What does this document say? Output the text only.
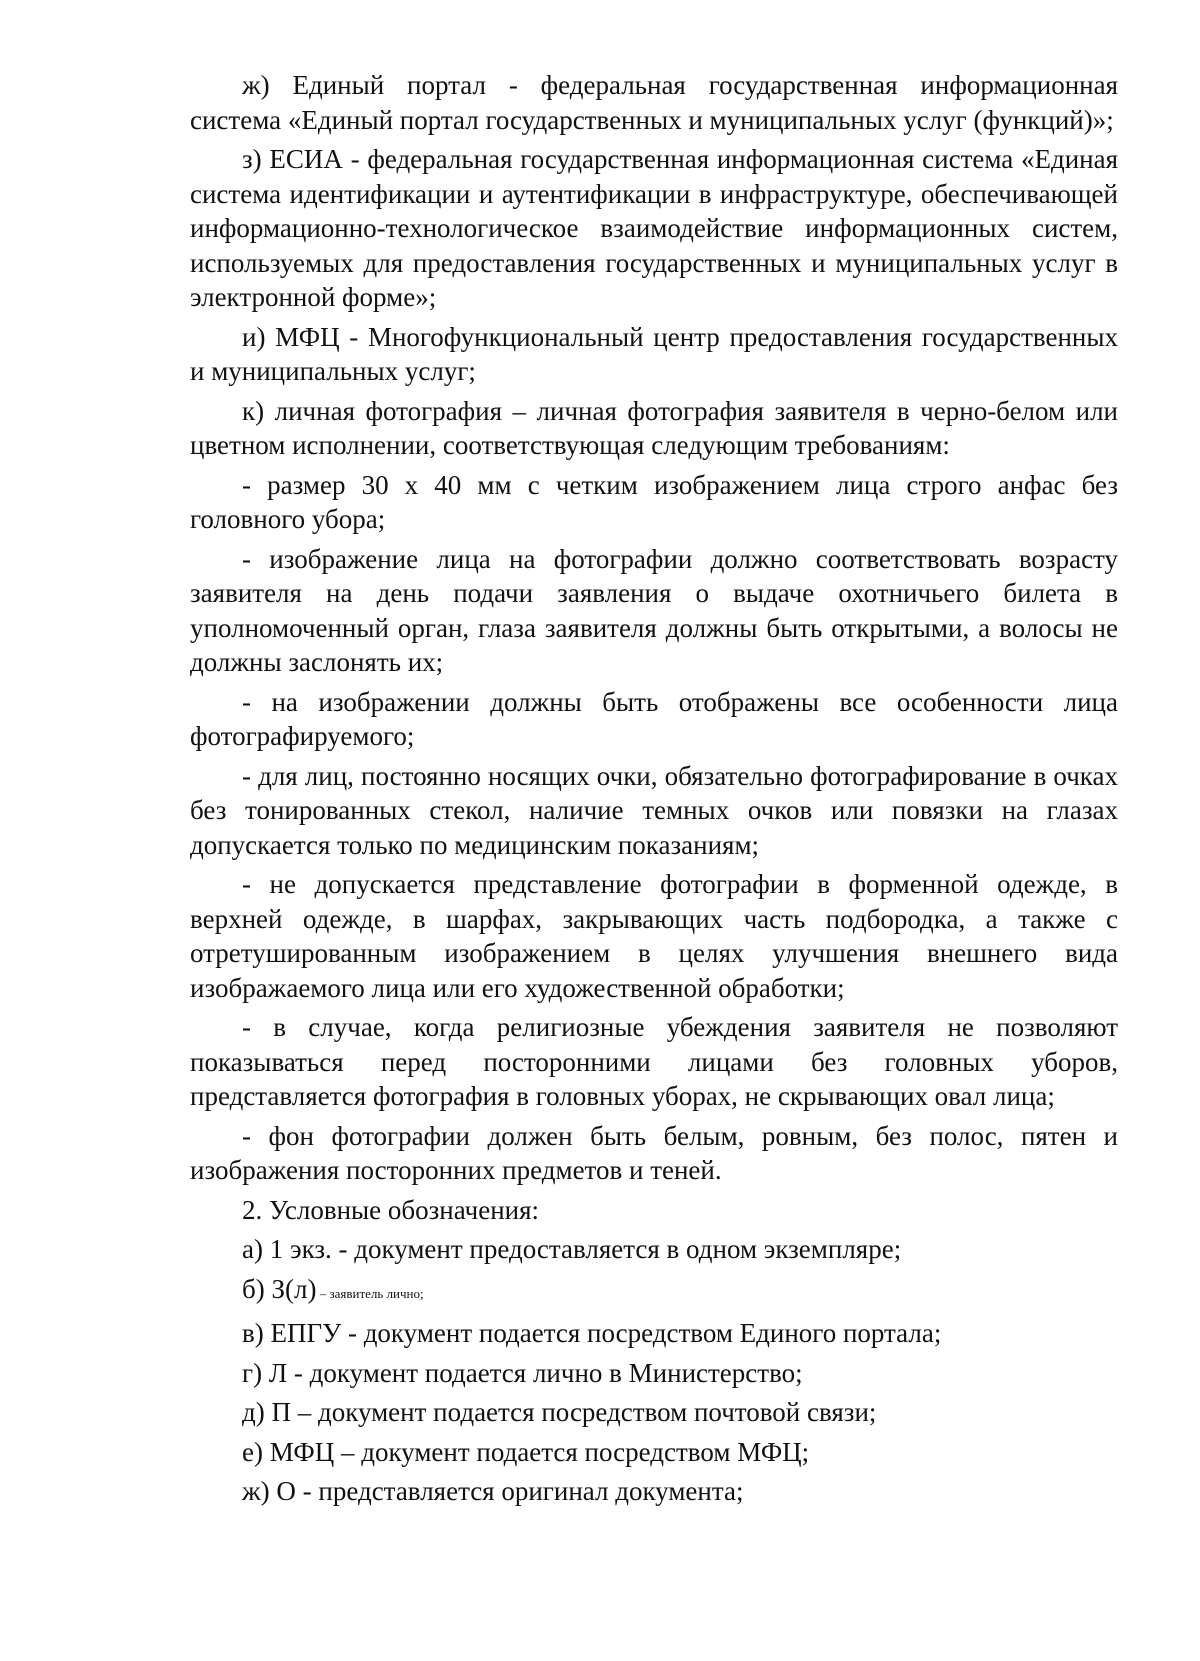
ж) Единый портал - федеральная государственная информационная система «Единый портал государственных и муниципальных услуг (функций)»;

з) ЕСИА - федеральная государственная информационная система «Единая система идентификации и аутентификации в инфраструктуре, обеспечивающей информационно-технологическое взаимодействие информационных систем, используемых для предоставления государственных и муниципальных услуг в электронной форме»;

и) МФЦ - Многофункциональный центр предоставления государственных и муниципальных услуг;

к) личная фотография – личная фотография заявителя в черно-белом или цветном исполнении, соответствующая следующим требованиям:

- размер 30 х 40 мм с четким изображением лица строго анфас без головного убора;

- изображение лица на фотографии должно соответствовать возрасту заявителя на день подачи заявления о выдаче охотничьего билета в уполномоченный орган, глаза заявителя должны быть открытыми, а волосы не должны заслонять их;

- на изображении должны быть отображены все особенности лица фотографируемого;

- для лиц, постоянно носящих очки, обязательно фотографирование в очках без тонированных стекол, наличие темных очков или повязки на глазах допускается только по медицинским показаниям;

- не допускается представление фотографии в форменной одежде, в верхней одежде, в шарфах, закрывающих часть подбородка, а также с отретушированным изображением в целях улучшения внешнего вида изображаемого лица или его художественной обработки;

- в случае, когда религиозные убеждения заявителя не позволяют показываться перед посторонними лицами без головных уборов, представляется фотография в головных уборах, не скрывающих овал лица;

- фон фотографии должен быть белым, ровным, без полос, пятен и изображения посторонних предметов и теней.

2. Условные обозначения:

а) 1 экз. - документ предоставляется в одном экземпляре;

б) З(л) – заявитель лично;

в) ЕПГУ - документ подается посредством Единого портала;

г) Л - документ подается лично в Министерство;

д) П – документ подается посредством почтовой связи;

е) МФЦ – документ подается посредством МФЦ;

ж) О - представляется оригинал документа;
